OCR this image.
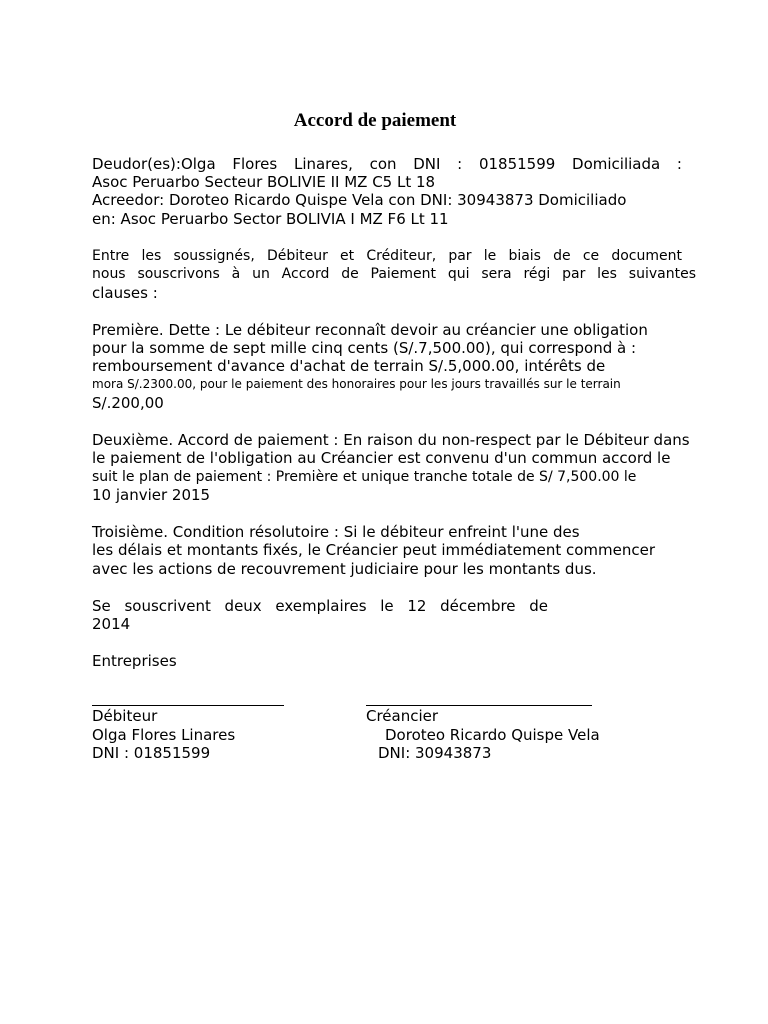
Accord de paiement
Deudor(es):Olga Flores Linares, con DNI : 01851599 Domiciliada :
Asoc Peruarbo Secteur BOLIVIE II MZ C5 Lt 18
Acreedor: Doroteo Ricardo Quispe Vela con DNI: 30943873 Domiciliado
en: Asoc Peruarbo Sector BOLIVIA I MZ F6 Lt 11
Entre les soussignés, Débiteur et Créditeur, par le biais de ce document
nous souscrivons à un Accord de Paiement qui sera régi par les suivantes
clauses :
Première. Dette : Le débiteur reconnaît devoir au créancier une obligation
pour la somme de sept mille cinq cents (S/.7,500.00), qui correspond à :
remboursement d'avance d'achat de terrain S/.5,000.00, intérêts de
mora S/.2300.00, pour le paiement des honoraires pour les jours travaillés sur le terrain
S/.200,00
Deuxième. Accord de paiement : En raison du non-respect par le Débiteur dans
le paiement de l'obligation au Créancier est convenu d'un commun accord le
suit le plan de paiement : Première et unique tranche totale de S/ 7,500.00 le
10 janvier 2015
Troisième. Condition résolutoire : Si le débiteur enfreint l'une des
les délais et montants fixés, le Créancier peut immédiatement commencer
avec les actions de recouvrement judiciaire pour les montants dus.
Se souscrivent deux exemplaires le 12 décembre de
2014
Entreprises
Débiteur
Olga Flores Linares
DNI : 01851599
Créancier
Doroteo Ricardo Quispe Vela
DNI: 30943873
